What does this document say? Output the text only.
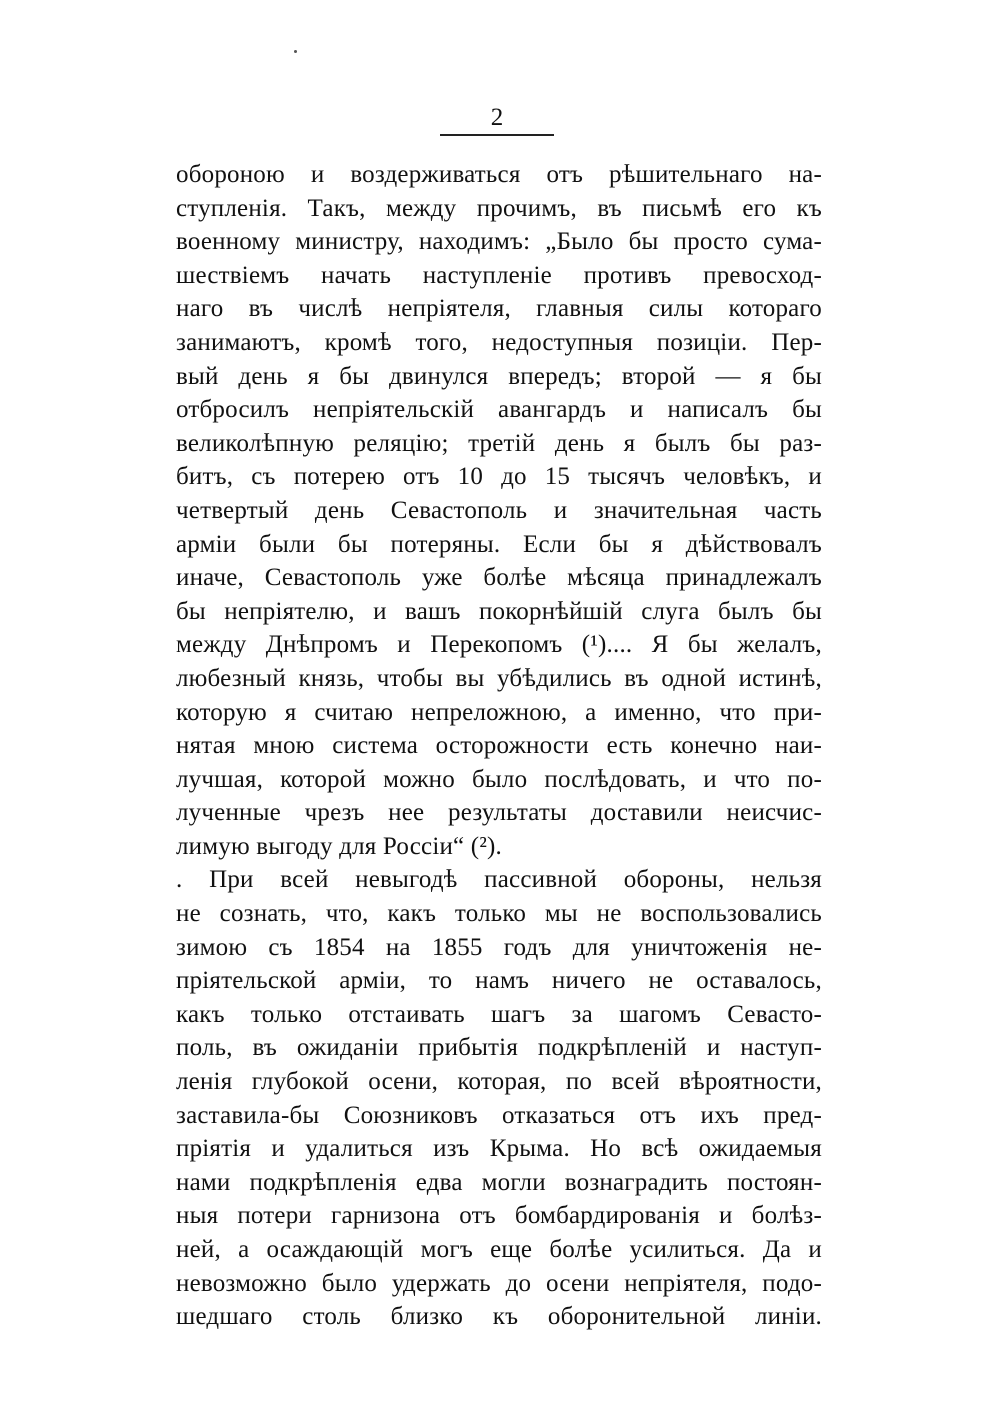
2
обороною и воздерживаться отъ рѣшительнаго на-
ступленія. Такъ, между прочимъ, въ письмѣ его къ
военному министру, находимъ: „Было бы просто сума-
шествіемъ начать наступленіе противъ превосход-
наго въ числѣ непріятеля, главныя силы котораго
занимаютъ, кромѣ того, недоступныя позиціи. Пер-
вый день я бы двинулся впередъ; второй — я бы
отбросилъ непріятельскій авангардъ и написалъ бы
великолѣпную реляцію; третій день я былъ бы раз-
битъ, съ потерею отъ 10 до 15 тысячъ человѣкъ, и
четвертый день Севастополь и значительная часть
арміи были бы потеряны. Если бы я дѣйствовалъ
иначе, Севастополь уже болѣе мѣсяца принадлежалъ
бы непріятелю, и вашъ покорнѣйшій слуга былъ бы
между Днѣпромъ и Перекопомъ (¹).... Я бы желалъ,
любезный князь, чтобы вы убѣдились въ одной истинѣ,
которую я считаю непреложною, а именно, что при-
нятая мною система осторожности есть конечно наи-
лучшая, которой можно было послѣдовать, и что по-
лученные чрезъ нее результаты доставили неисчис-
лимую выгоду для Россіи“ (²).
. При всей невыгодѣ пассивной обороны, нельзя
не сознать, что, какъ только мы не воспользовались
зимою съ 1854 на 1855 годъ для уничтоженія не-
пріятельской арміи, то намъ ничего не оставалось,
какъ только отстаивать шагъ за шагомъ Севасто-
поль, въ ожиданіи прибытія подкрѣпленій и наступ-
ленія глубокой осени, которая, по всей вѣроятности,
заставила-бы Союзниковъ отказаться отъ ихъ пред-
пріятія и удалиться изъ Крыма. Но всѣ ожидаемыя
нами подкрѣпленія едва могли вознаградить постоян-
ныя потери гарнизона отъ бомбардированія и болѣз-
ней, а осаждающій могъ еще болѣе усилиться. Да и
невозможно было удержать до осени непріятеля, подо-
шедшаго столь близко къ оборонительной линіи.
